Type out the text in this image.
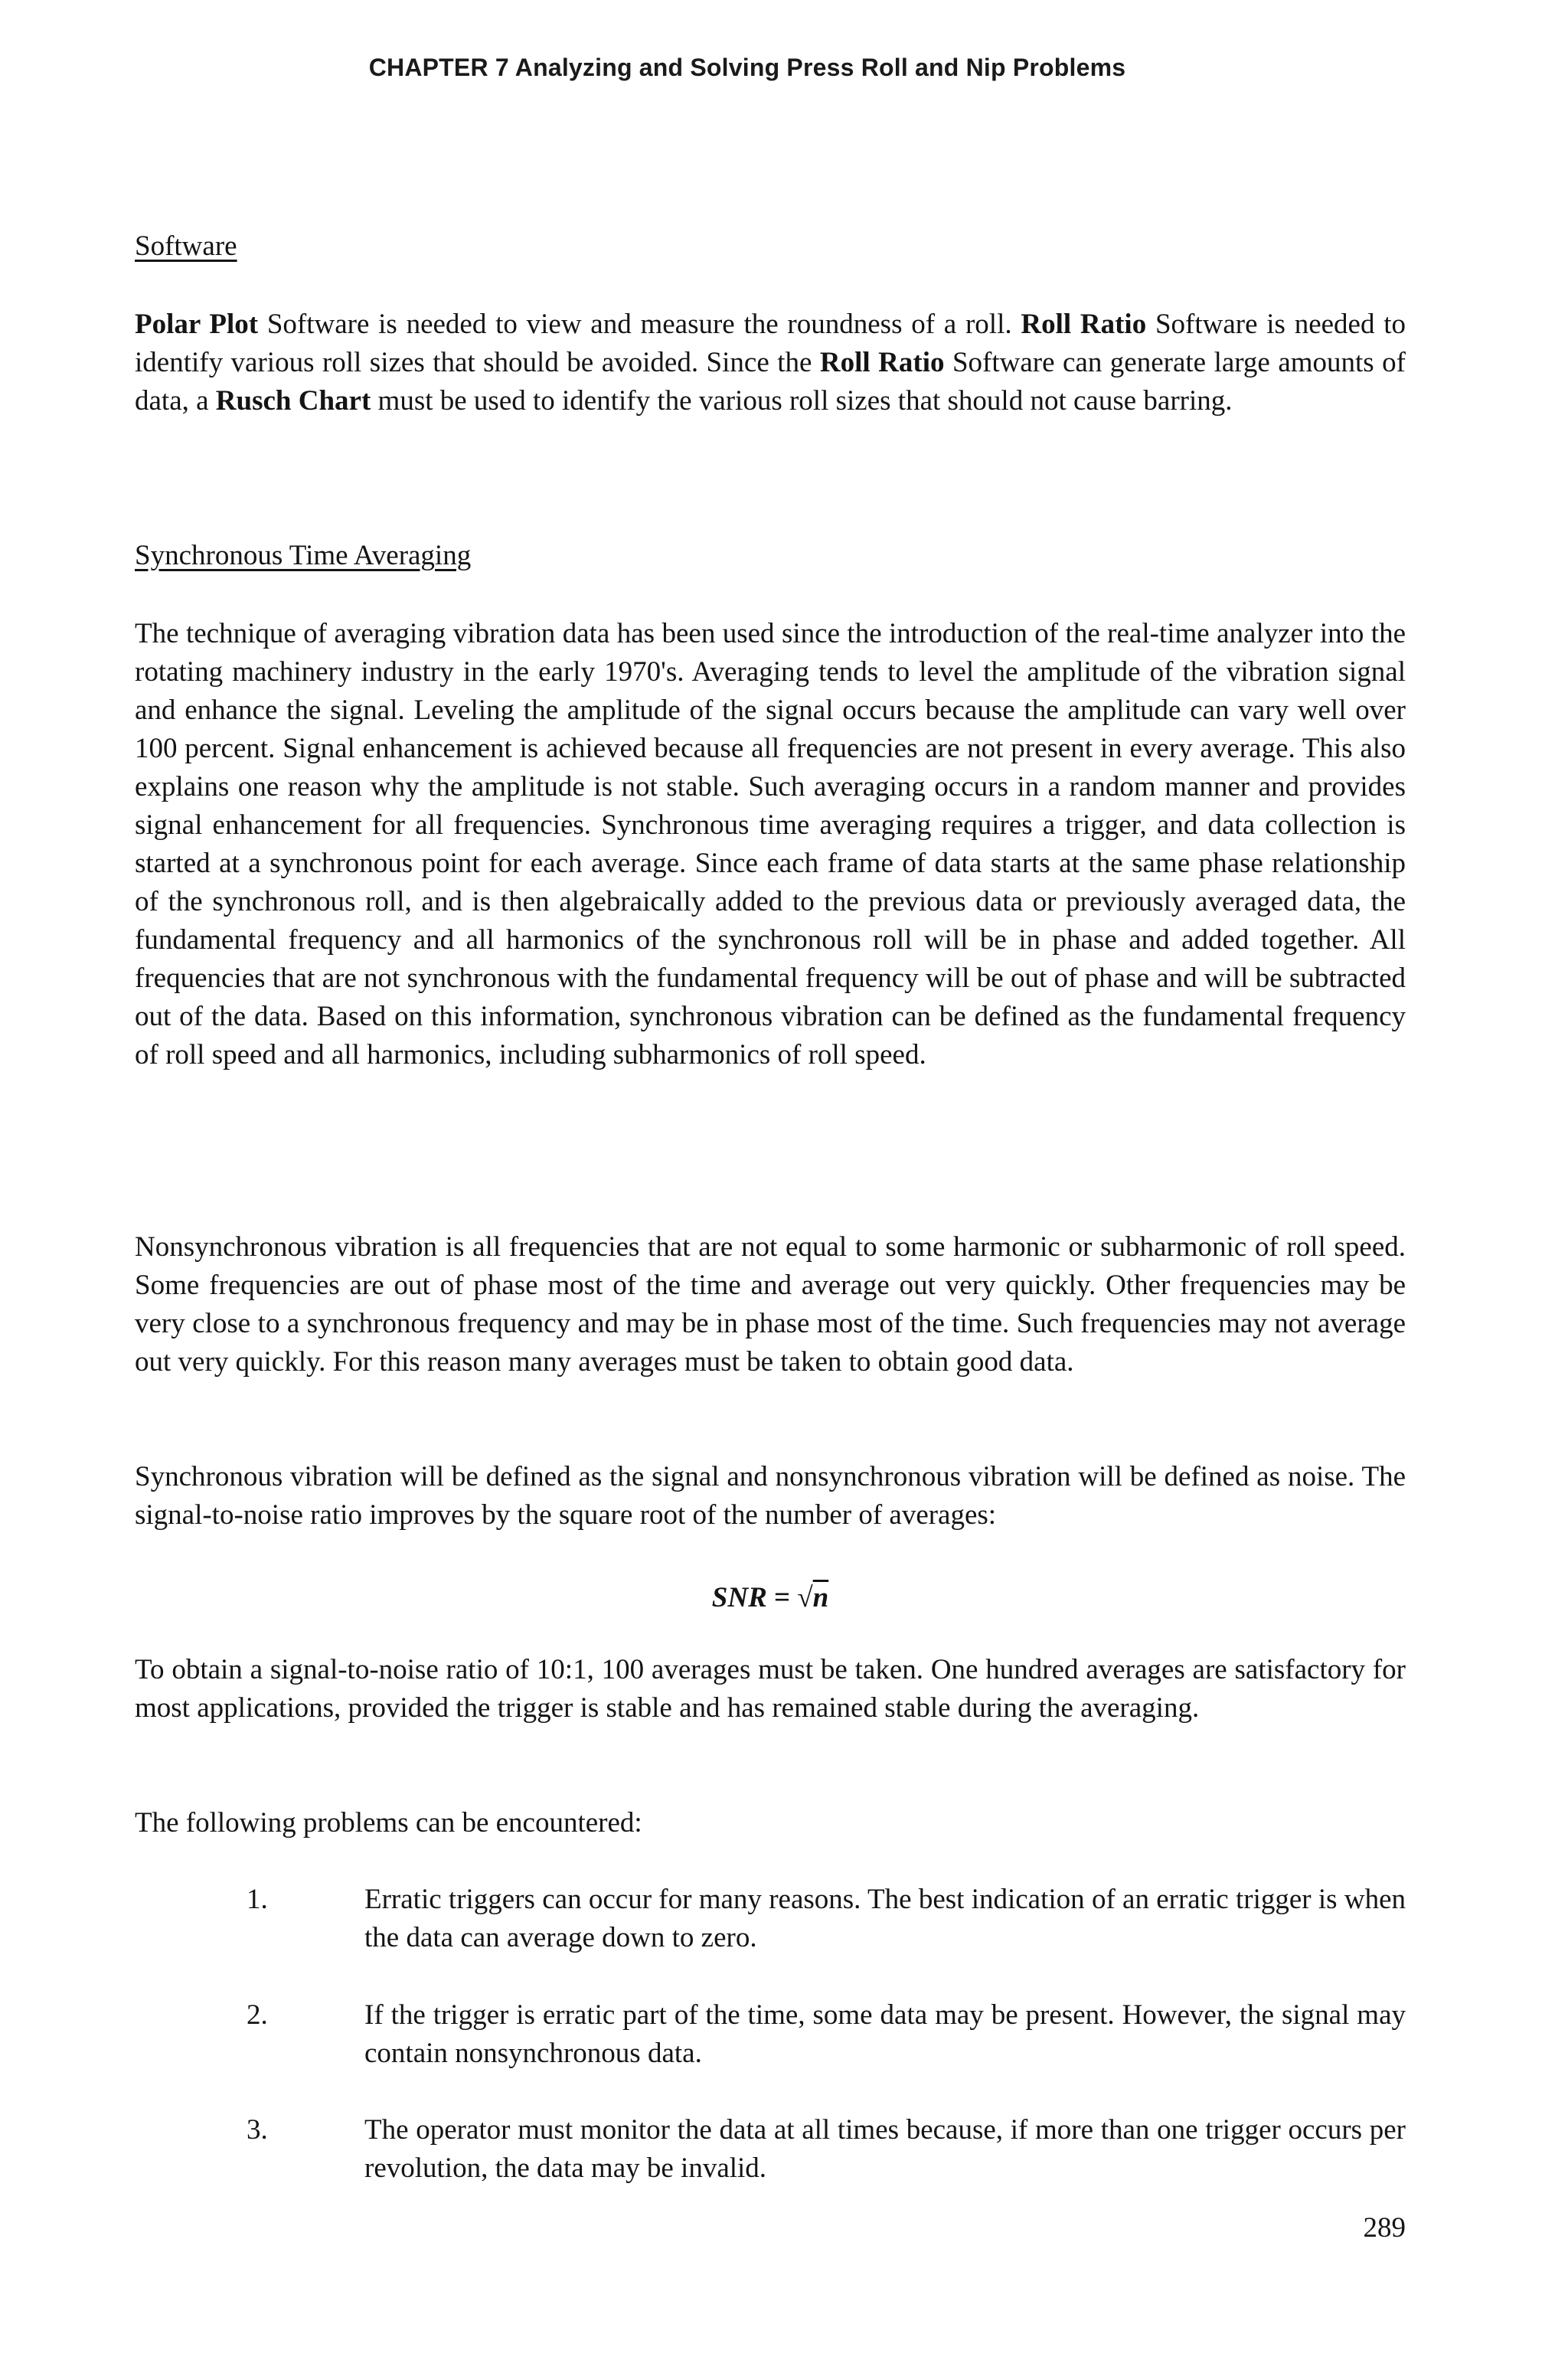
CHAPTER 7 Analyzing and Solving Press Roll and Nip Problems
Software

Polar Plot Software is needed to view and measure the roundness of a roll. Roll Ratio Software is needed to identify various roll sizes that should be avoided. Since the Roll Ratio Software can generate large amounts of data, a Rusch Chart must be used to identify the various roll sizes that should not cause barring.

Synchronous Time Averaging

The technique of averaging vibration data has been used since the introduction of the real-time analyzer into the rotating machinery industry in the early 1970's. Averaging tends to level the amplitude of the vibration signal and enhance the signal. Leveling the amplitude of the signal occurs because the amplitude can vary well over 100 percent. Signal enhancement is achieved because all frequencies are not present in every average. This also explains one reason why the amplitude is not stable. Such averaging occurs in a random manner and provides signal enhancement for all frequencies. Synchronous time averaging requires a trigger, and data collection is started at a synchronous point for each average. Since each frame of data starts at the same phase relationship of the synchronous roll, and is then algebraically added to the previous data or previously averaged data, the fundamental frequency and all harmonics of the synchronous roll will be in phase and added together. All frequencies that are not synchronous with the fundamental frequency will be out of phase and will be subtracted out of the data. Based on this information, synchronous vibration can be defined as the fundamental frequency of roll speed and all harmonics, including subharmonics of roll speed.

Nonsynchronous vibration is all frequencies that are not equal to some harmonic or subharmonic of roll speed. Some frequencies are out of phase most of the time and average out very quickly. Other frequencies may be very close to a synchronous frequency and may be in phase most of the time. Such frequencies may not average out very quickly. For this reason many averages must be taken to obtain good data.

Synchronous vibration will be defined as the signal and nonsynchronous vibration will be defined as noise. The signal-to-noise ratio improves by the square root of the number of averages:

SNR = √n

To obtain a signal-to-noise ratio of 10:1, 100 averages must be taken. One hundred averages are satisfactory for most applications, provided the trigger is stable and has remained stable during the averaging.

The following problems can be encountered:

1.	Erratic triggers can occur for many reasons. The best indication of an erratic trigger is when the data can average down to zero.

2.	If the trigger is erratic part of the time, some data may be present. However, the signal may contain nonsynchronous data.

3.	The operator must monitor the data at all times because, if more than one trigger occurs per revolution, the data may be invalid.

289
